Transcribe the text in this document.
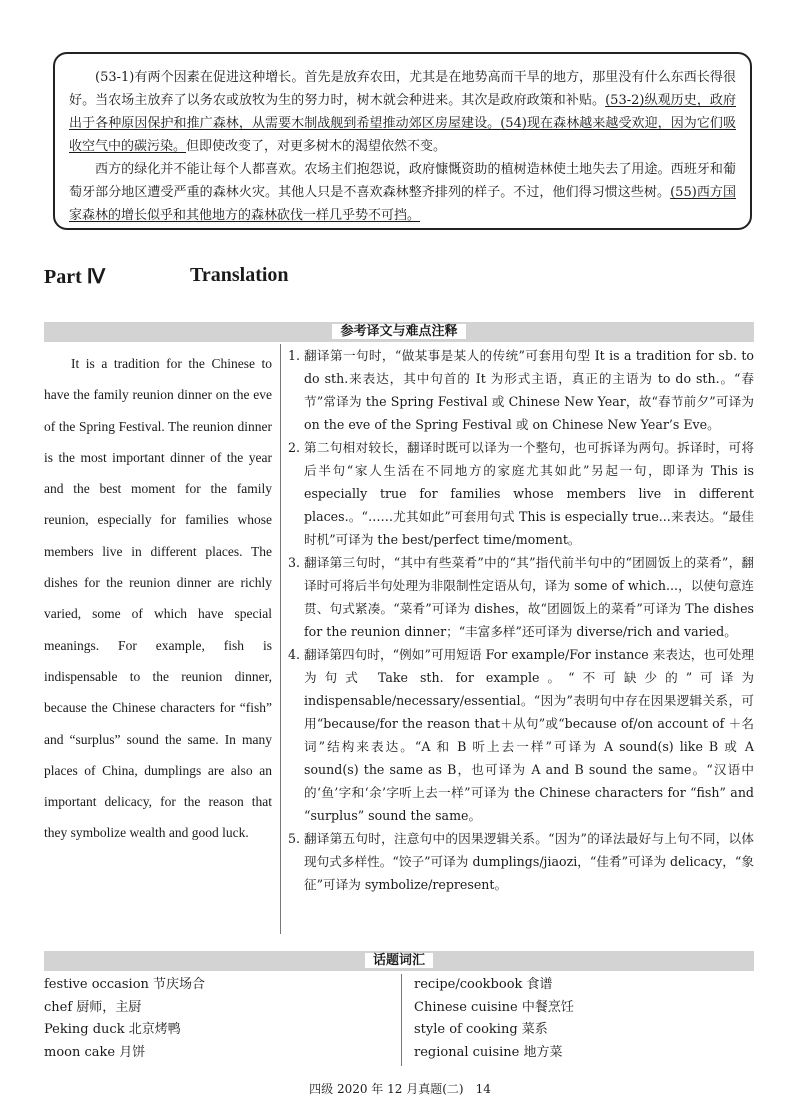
(53-1)有两个因素在促进这种增长。首先是放弃农田，尤其是在地势高而干旱的地方，那里没有什么东西长得很好。当农场主放弃了以务农或放牧为生的努力时，树木就会种进来。其次是政府政策和补贴。(53-2)纵观历史，政府出于各种原因保护和推广森林，从需要木制战舰到希望推动郊区房屋建设。(54)现在森林越来越受欢迎，因为它们吸收空气中的碳污染。但即使改变了，对更多树木的渴望依然不变。

西方的绿化并不能让每个人都喜欢。农场主们抱怨说，政府慷慨资助的植树造林使土地失去了用途。西班牙和葡萄牙部分地区遭受严重的森林火灾。其他人只是不喜欢森林整齐排列的样子。不过，他们得习惯这些树。(55)西方国家森林的增长似乎和其他地方的森林砍伐一样几乎势不可挡。

Part Ⅳ	Translation
参考译文与难点注释

It is a tradition for the Chinese to have the family reunion dinner on the eve of the Spring Festival. The reunion dinner is the most important dinner of the year and the best moment for the family reunion, especially for families whose members live in different places. The dishes for the reunion dinner are richly varied, some of which have special meanings. For example, fish is indispensable to the reunion dinner, because the Chinese characters for “fish” and “surplus” sound the same. In many places of China, dumplings are also an important delicacy, for the reason that they symbolize wealth and good luck.

1. 翻译第一句时，“做某事是某人的传统”可套用句型 It is a tradition for sb. to do sth.来表达，其中句首的 It 为形式主语，真正的主语为 to do sth.。“春节”常译为 the Spring Festival 或 Chinese New Year，故“春节前夕”可译为 on the eve of the Spring Festival 或 on Chinese New Year’s Eve。
2. 第二句相对较长，翻译时既可以译为一个整句，也可拆译为两句。拆译时，可将后半句“家人生活在不同地方的家庭尤其如此”另起一句，即译为 This is especially true for families whose members live in different places.。“……尤其如此”可套用句式 This is especially true...来表达。“最佳时机”可译为 the best/perfect time/moment。
3. 翻译第三句时，“其中有些菜肴”中的“其”指代前半句中的“团圆饭上的菜肴”，翻译时可将后半句处理为非限制性定语从句，译为 some of which...，以使句意连贯、句式紧凑。“菜肴”可译为 dishes，故“团圆饭上的菜肴”可译为 The dishes for the reunion dinner；“丰富多样”还可译为 diverse/rich and varied。
4. 翻译第四句时，“例如”可用短语 For example/For instance 来表达，也可处理为句式 Take sth. for example。“不可缺少的”可译为 indispensable/necessary/essential。“因为”表明句中存在因果逻辑关系，可用“because/for the reason that＋从句”或“because of/on account of ＋名词”结构来表达。“A 和 B 听上去一样”可译为 A sound(s) like B 或 A sound(s) the same as B，也可译为 A and B sound the same。“汉语中的‘鱼’字和‘余’字听上去一样”可译为 the Chinese characters for “fish” and “surplus” sound the same。
5. 翻译第五句时，注意句中的因果逻辑关系。“因为”的译法最好与上句不同，以体现句式多样性。“饺子”可译为 dumplings/jiaozi，“佳肴”可译为 delicacy，“象征”可译为 symbolize/represent。
话题词汇
festive occasion 节庆场合
chef 厨师，主厨
Peking duck 北京烤鸭
moon cake 月饼
recipe/cookbook 食谱
Chinese cuisine 中餐烹饪
style of cooking 菜系
regional cuisine 地方菜
四级 2020 年 12 月真题(二)　14
